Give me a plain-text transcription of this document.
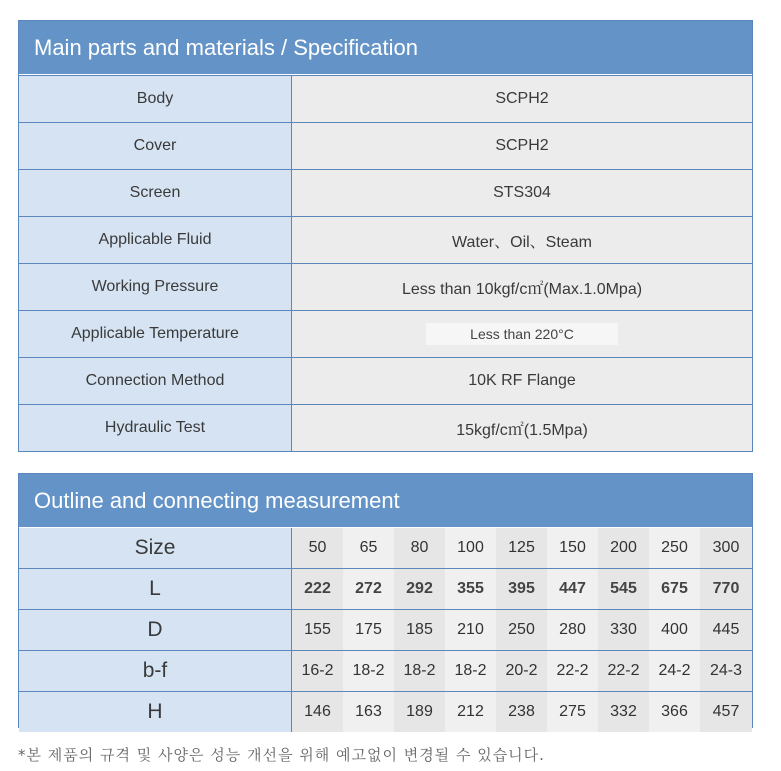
Main parts and materials / Specification
Body	SCPH2
Cover	SCPH2
Screen	STS304
Applicable Fluid	Water、Oil、Steam
Working Pressure	Less than 10kgf/c㎡(Max.1.0Mpa)
Applicable Temperature	Less than 220°C
Connection Method	10K RF Flange
Hydraulic Test	15kgf/c㎡(1.5Mpa)
Outline and connecting measurement
Size	50	65	80	100	125	150	200	250	300
L	222	272	292	355	395	447	545	675	770
D	155	175	185	210	250	280	330	400	445
b-f	16-2	18-2	18-2	18-2	20-2	22-2	22-2	24-2	24-3
H	146	163	189	212	238	275	332	366	457
*본 제품의 규격 및 사양은 성능 개선을 위해 예고없이 변경될 수 있습니다.
